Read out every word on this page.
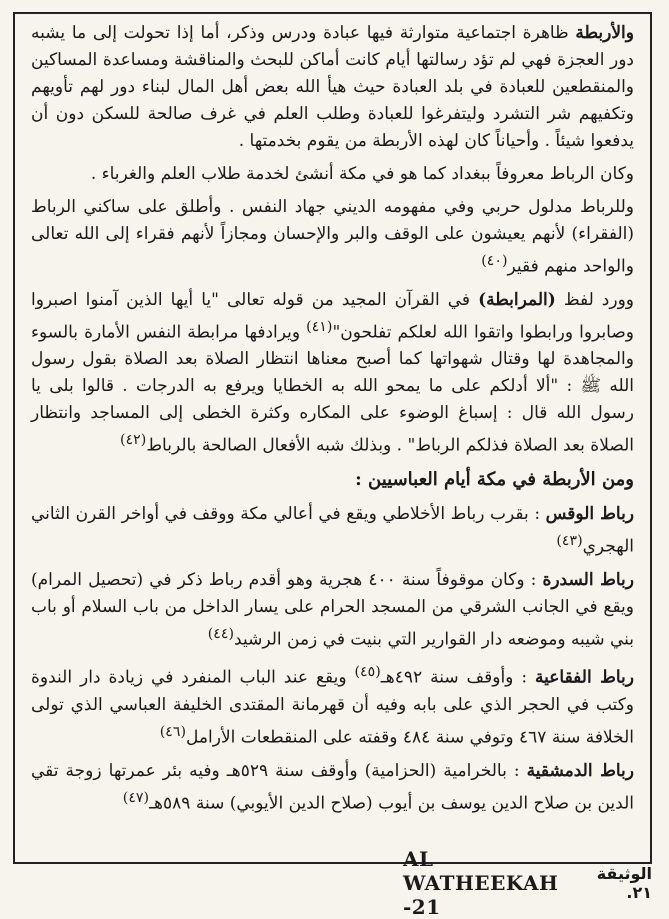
والأربطة ظاهرة اجتماعية متوارثة فيها عبادة ودرس وذكر، أما إذا تحولت إلى ما يشبه دور العجزة فهي لم تؤد رسالتها أيام كانت أماكن للبحث والمناقشة ومساعدة المساكين والمنقطعين للعبادة في بلد العبادة حيث هيأ الله بعض أهل المال لبناء دور لهم تأويهم وتكفيهم شر التشرد وليتفرغوا للعبادة وطلب العلم في غرف صالحة للسكن دون أن يدفعوا شيئاً . وأحياناً كان لهذه الأربطة من يقوم بخدمتها .

وكان الرباط معروفاً ببغداد كما هو في مكة أنشئ لخدمة طلاب العلم والغرباء .

وللرباط مدلول حربي وفي مفهومه الديني جهاد النفس . وأطلق على ساكني الرباط (الفقراء) لأنهم يعيشون على الوقف والبر والإحسان ومجازاً لأنهم فقراء إلى الله تعالى والواحد منهم فقير$^{(٤٠)}$

وورد لفظ (المرابطة) في القرآن المجيد من قوله تعالى "يا أيها الذين آمنوا اصبروا وصابروا ورابطوا واتقوا الله لعلكم تفلحون"$^{(٤١)}$ ويرادفها مرابطة النفس الأمارة بالسوء والمجاهدة لها وقتال شهواتها كما أصبح معناها انتظار الصلاة بعد الصلاة بقول رسول الله ﷺ : "ألا أدلكم على ما يمحو الله به الخطايا ويرفع به الدرجات . قالوا بلى يا رسول الله قال : إسباغ الوضوء على المكاره وكثرة الخطى إلى المساجد وانتظار الصلاة بعد الصلاة فذلكم الرباط" . وبذلك شبه الأفعال الصالحة بالرباط$^{(٤٢)}$

ومن الأربطة في مكة أيام العباسيين :

رباط الوقس : بقرب رباط الأخلاطي ويقع في أعالي مكة ووقف في أواخر القرن الثاني الهجري$^{(٤٣)}$

رباط السدرة : وكان موقوفاً سنة ٤٠٠ هجرية وهو أقدم رباط ذكر في (تحصيل المرام) ويقع في الجانب الشرقي من المسجد الحرام على يسار الداخل من باب السلام أو باب بني شيبه وموضعه دار القوارير التي بنيت في زمن الرشيد$^{(٤٤)}$

رباط الفقاعية : وأوقف سنة ٤٩٢هـ$^{(٤٥)}$ ويقع عند الباب المنفرد في زيادة دار الندوة وكتب في الحجر الذي على بابه وفيه أن قهرمانة المقتدى الخليفة العباسي الذي تولى الخلافة سنة ٤٦٧ وتوفي سنة ٤٨٤ وقفته على المنقطعات الأرامل$^{(٤٦)}$

رباط الدمشقية : بالخرامية (الحزامية) وأوقف سنة ٥٢٩هـ وفيه بئر عمرتها زوجة تقي الدين بن صلاح الدين يوسف بن أيوب (صلاح الدين الأيوبي) سنة ٥٨٩هـ$^{(٤٧)}$

AL WATHEEKAH -21
الوثيقة ٢١.
